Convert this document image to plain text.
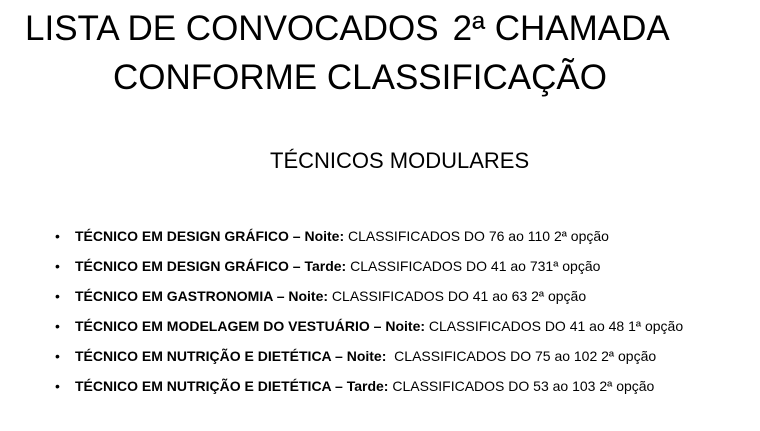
LISTA DE CONVOCADOS 2ª CHAMADA
CONFORME CLASSIFICAÇÃO
TÉCNICOS MODULARES
• TÉCNICO EM DESIGN GRÁFICO – Noite: CLASSIFICADOS DO 76 ao 110 2ª opção
• TÉCNICO EM DESIGN GRÁFICO – Tarde: CLASSIFICADOS DO 41 ao 731ª opção
• TÉCNICO EM GASTRONOMIA – Noite: CLASSIFICADOS DO 41 ao 63 2ª opção
• TÉCNICO EM MODELAGEM DO VESTUÁRIO – Noite: CLASSIFICADOS DO 41 ao 48 1ª opção
• TÉCNICO EM NUTRIÇÃO E DIETÉTICA – Noite:  CLASSIFICADOS DO 75 ao 102 2ª opção
• TÉCNICO EM NUTRIÇÃO E DIETÉTICA – Tarde: CLASSIFICADOS DO 53 ao 103 2ª opção
